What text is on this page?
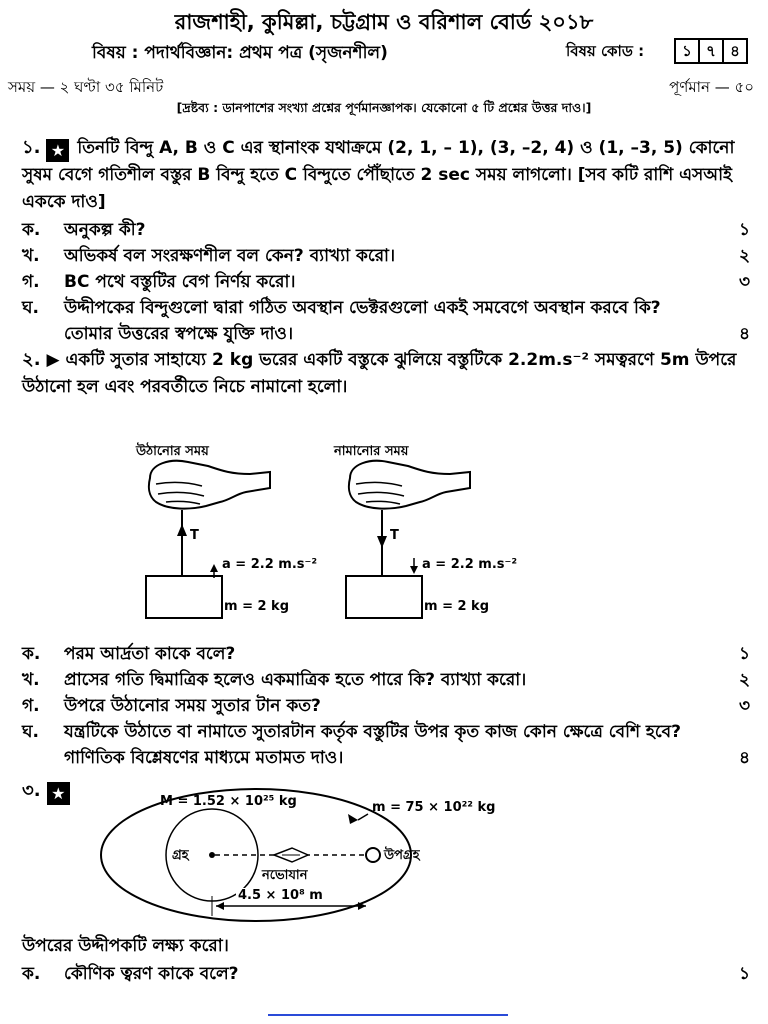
রাজশাহী, কুমিল্লা, চট্টগ্রাম ও বরিশাল বোর্ড ২০১৮
বিষয় : পদার্থবিজ্ঞান: প্রথম পত্র (সৃজনশীল)	বিষয় কোড :	১ ৭ ৪
সময় — ২ ঘণ্টা ৩৫ মিনিট	পূর্ণমান — ৫০
[দ্রষ্টব্য : ডানপাশের সংখ্যা প্রশ্নের পূর্ণমানজ্ঞাপক। যেকোনো ৫ টি প্রশ্নের উত্তর দাও।]
১. ★ তিনটি বিন্দু A, B ও C এর স্থানাংক যথাক্রমে (2, 1, – 1), (3, –2, 4) ও (1, –3, 5) কোনো সুষম বেগে গতিশীল বস্তুর B বিন্দু হতে C বিন্দুতে পৌঁছাতে 2 sec সময় লাগলো। [সব কটি রাশি এসআই এককে দাও]
ক. অনুকল্প কী?	১
খ. অভিকর্ষ বল সংরক্ষণশীল বল কেন? ব্যাখ্যা করো।	২
গ. BC পথে বস্তুটির বেগ নির্ণয় করো।	৩
ঘ. উদ্দীপকের বিন্দুগুলো দ্বারা গঠিত অবস্থান ভেক্টরগুলো একই সমবেগে অবস্থান করবে কি? তোমার উত্তরের স্বপক্ষে যুক্তি দাও।	৪
২. ▶ একটি সুতার সাহায্যে 2 kg ভরের একটি বস্তুকে ঝুলিয়ে বস্তুটিকে 2.2m.s⁻² সমত্বরণে 5m উপরে উঠানো হল এবং পরবর্তীতে নিচে নামানো হলো।
উঠানোর সময়	নামানোর সময়
T	T
a = 2.2 m.s⁻²	a = 2.2 m.s⁻²
m = 2 kg	m = 2 kg
ক. পরম আর্দ্রতা কাকে বলে?	১
খ. প্রাসের গতি দ্বিমাত্রিক হলেও একমাত্রিক হতে পারে কি? ব্যাখ্যা করো।	২
গ. উপরে উঠানোর সময় সুতার টান কত?	৩
ঘ. যন্ত্রটিকে উঠাতে বা নামাতে সুতারটান কর্তৃক বস্তুটির উপর কৃত কাজ কোন ক্ষেত্রে বেশি হবে? গাণিতিক বিশ্লেষণের মাধ্যমে মতামত দাও।	৪
৩. ★	M = 1.52 × 10²⁵ kg	m = 75 × 10²² kg
গ্রহ	উপগ্রহ
নভোযান
4.5 × 10⁸ m
উপরের উদ্দীপকটি লক্ষ্য করো।
ক. কৌণিক ত্বরণ কাকে বলে?	১
